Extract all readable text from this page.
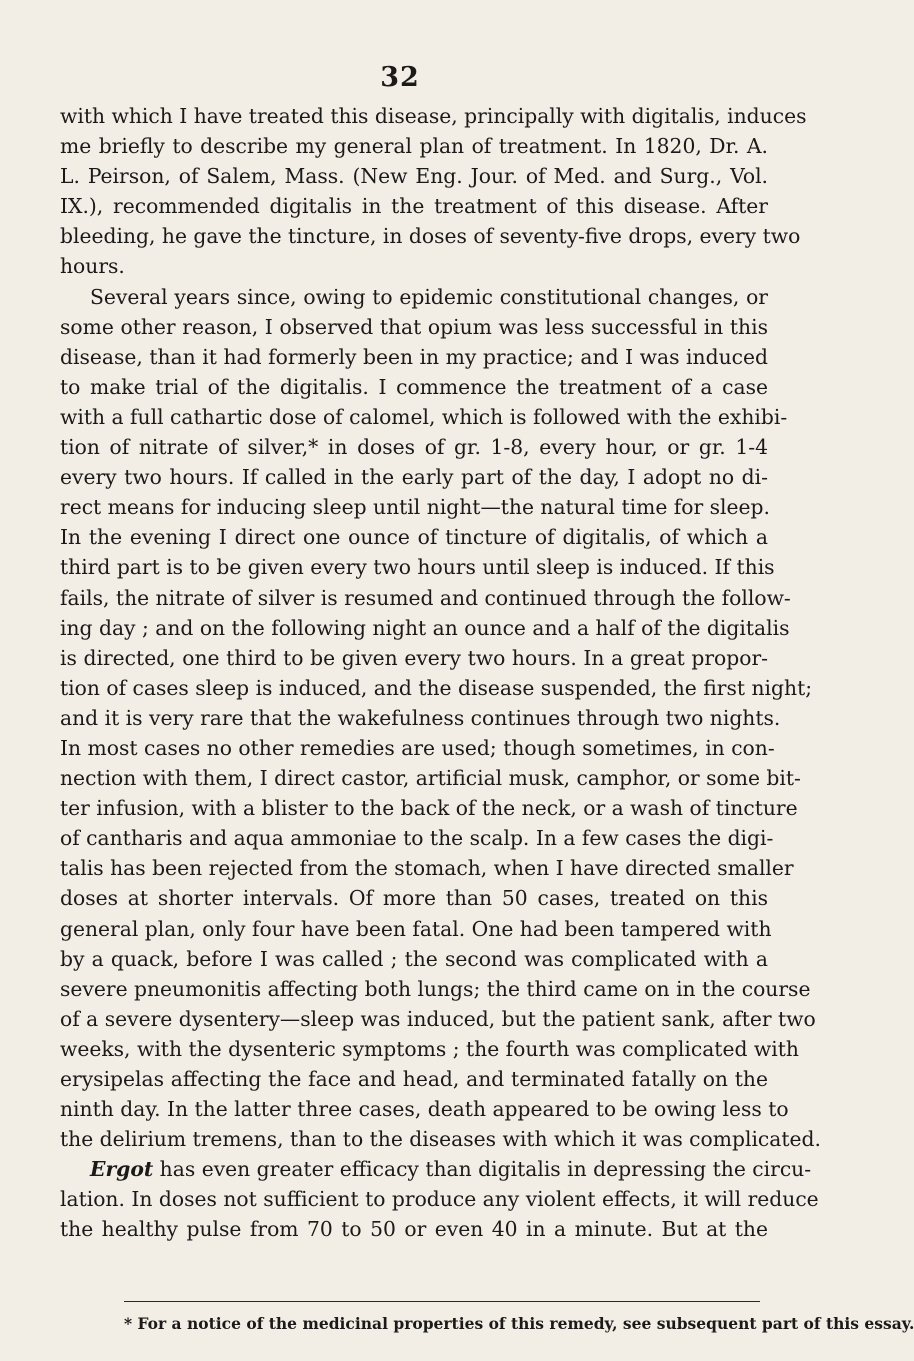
32
with which I have treated this disease, principally with digitalis, induces
me briefly to describe my general plan of treatment. In 1820, Dr. A.
L. Peirson, of Salem, Mass. (New Eng. Jour. of Med. and Surg., Vol.
IX.), recommended digitalis in the treatment of this disease. After
bleeding, he gave the tincture, in doses of seventy-five drops, every two
hours.
Several years since, owing to epidemic constitutional changes, or
some other reason, I observed that opium was less successful in this
disease, than it had formerly been in my practice; and I was induced
to make trial of the digitalis. I commence the treatment of a case
with a full cathartic dose of calomel, which is followed with the exhibi-
tion of nitrate of silver,* in doses of gr. 1-8, every hour, or gr. 1-4
every two hours. If called in the early part of the day, I adopt no di-
rect means for inducing sleep until night—the natural time for sleep.
In the evening I direct one ounce of tincture of digitalis, of which a
third part is to be given every two hours until sleep is induced. If this
fails, the nitrate of silver is resumed and continued through the follow-
ing day ; and on the following night an ounce and a half of the digitalis
is directed, one third to be given every two hours. In a great propor-
tion of cases sleep is induced, and the disease suspended, the first night;
and it is very rare that the wakefulness continues through two nights.
In most cases no other remedies are used; though sometimes, in con-
nection with them, I direct castor, artificial musk, camphor, or some bit-
ter infusion, with a blister to the back of the neck, or a wash of tincture
of cantharis and aqua ammoniae to the scalp. In a few cases the digi-
talis has been rejected from the stomach, when I have directed smaller
doses at shorter intervals. Of more than 50 cases, treated on this
general plan, only four have been fatal. One had been tampered with
by a quack, before I was called ; the second was complicated with a
severe pneumonitis affecting both lungs; the third came on in the course
of a severe dysentery—sleep was induced, but the patient sank, after two
weeks, with the dysenteric symptoms ; the fourth was complicated with
erysipelas affecting the face and head, and terminated fatally on the
ninth day. In the latter three cases, death appeared to be owing less to
the delirium tremens, than to the diseases with which it was complicated.
Ergot has even greater efficacy than digitalis in depressing the circu-
lation. In doses not sufficient to produce any violent effects, it will reduce
the healthy pulse from 70 to 50 or even 40 in a minute. But at the
* For a notice of the medicinal properties of this remedy, see subsequent part of this essay.
